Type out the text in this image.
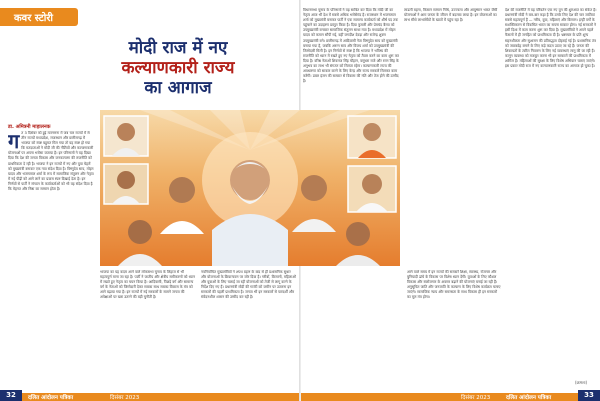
कवर स्टोरी
मोदी राज में नए
कल्याणकारी राज्य
का आगाज
डा. अमित्रनी माहालनक
ग त 3 दिसंबर को हुई मतगणना में जब चार राज्यों में से तीन राज्यों मध्यप्रदेश, राजस्थान और छत्तीसगढ़ में भाजपा को स्पष्ट बहुमत मिल गया तो यह स्पष्ट हो गया कि मतदाताओं ने मोदी जी की नीतियों और कल्याणकारी योजनाओं पर अपना भरोसा जताया है। इन परिणामों ने यह दिखा दिया कि देश की जनता विकास और जनकल्याण की राजनीति को प्राथमिकता दे रही है। भाजपा ने इन राज्यों में नए और युवा चेहरों को मुख्यमंत्री बनाकर एक नया संदेश दिया है। विष्णुदेव साय, मोहन यादव और भजनलाल शर्मा के रूप में सामाजिक संतुलन और नेतृत्व में नई पीढ़ी को आगे लाने का प्रयास स्पष्ट दिखाई देता है। इन निर्णयों से पार्टी ने संगठन के कार्यकर्ताओं को भी यह संदेश दिया है कि मेहनत और निष्ठा का सम्मान होता है।
भाजपा का यह कदम आने वाले लोकसभा चुनाव के लिहाज से भी महत्वपूर्ण माना जा रहा है। पार्टी ने जातीय और क्षेत्रीय समीकरणों को ध्यान में रखते हुए नेतृत्व का चयन किया है। आदिवासी, पिछड़े वर्ग और सामान्य वर्ग के नेताओं को जिम्मेदारी देकर सबका साथ सबका विकास के मंत्र को आगे बढ़ाया गया है। इन राज्यों में नई सरकारों के सामने जनता की अपेक्षाओं पर खरा उतरने की बड़ी चुनौती है।
नवनिर्वाचित मुख्यमंत्रियों ने शपथ ग्रहण के बाद से ही प्रशासनिक सुधार और योजनाओं के क्रियान्वयन पर जोर दिया है। गरीबों, किसानों, महिलाओं और युवाओं के लिए चलाई जा रही योजनाओं को तेजी से लागू करने के निर्देश दिए गए हैं। प्रधानमंत्री मोदी की गारंटी को जमीन पर उतारना इन सरकारों की पहली प्राथमिकता है। जनता भी इन सरकारों से पारदर्शी और संवेदनशील शासन की उम्मीद कर रही है।
विधानसभा चुनाव के परिणामों ने यह साबित कर दिया कि मोदी जी का नेतृत्व आज भी देश में सबसे अधिक भरोसेमंद है। राजस्थान में भजनलाल शर्मा को मुख्यमंत्री बनाकर पार्टी ने एक सामान्य कार्यकर्ता को शीर्ष पद तक पहुंचाने का उदाहरण प्रस्तुत किया है। दिया कुमारी और प्रेमचंद बैरवा को उपमुख्यमंत्री बनाकर सामाजिक संतुलन साधा गया है। मध्यप्रदेश में मोहन यादव को कमान सौंपी गई, वहीं जगदीश देवड़ा और राजेन्द्र शुक्ल उपमुख्यमंत्री बने। छत्तीसगढ़ में आदिवासी नेता विष्णुदेव साय को मुख्यमंत्री बनाया गया है, जबकि अरुण साव और विजय शर्मा को उपमुख्यमंत्री की जिम्मेदारी मिली है। इन निर्णयों से स्पष्ट है कि भाजपा ने भविष्य की राजनीति को ध्यान में रखते हुए नए नेतृत्व को तैयार करने का काम शुरू कर दिया है। वरिष्ठ नेताओं शिवराज सिंह चौहान, वसुंधरा राजे और रमन सिंह के अनुभव का लाभ भी संगठन को मिलता रहेगा। कल्याणकारी राज्य की अवधारणा को साकार करने के लिए केन्द्र और राज्य सरकारें मिलकर काम करेंगी। डबल इंजन की सरकार से विकास की गति और तेज होने की उम्मीद है।
लाडली बहना, किसान सम्मान निधि, उज्ज्वला और आयुष्मान भारत जैसी योजनाओं ने आम जनता के जीवन में बदलाव लाया है। इन योजनाओं का लाभ सीधे लाभार्थियों के खातों में पहुंच रहा है।
आने वाले समय में इन राज्यों की सरकारें शिक्षा, स्वास्थ्य, रोजगार और बुनियादी ढांचे के विकास पर विशेष ध्यान देंगी। युवाओं के लिए कौशल विकास और स्वरोजगार के अवसर बढ़ाने की योजनाएं बनाई जा रही हैं। अनुसूचित जाति और जनजाति के कल्याण के लिए विशेष कार्यक्रम चलाए जाएंगे। सामाजिक न्याय और समरसता के साथ विकास ही इन सरकारों का मूल मंत्र होगा।
देश की राजनीति में यह परिवर्तन एक नए युग की शुरुआत का संकेत है। प्रधानमंत्री मोदी ने बार-बार कहा है कि उनके लिए देश की चार जातियां सबसे महत्वपूर्ण हैं — गरीब, युवा, महिलाएं और किसान। इन्हीं वर्गों के सशक्तिकरण से विकसित भारत का सपना साकार होगा। नई सरकारों ने इसी दिशा में काम करना शुरू कर दिया है। मुख्यमंत्रियों ने अपने पहले फैसलों में ही जनहित को प्राथमिकता दी है। भ्रष्टाचार के प्रति शून्य सहनशीलता और सुशासन की प्रतिबद्धता दोहराई गई है। प्रशासनिक तंत्र को जवाबदेह बनाने के लिए कड़े कदम उठाए जा रहे हैं। जनता की शिकायतों के त्वरित निवारण के लिए नई व्यवस्थाएं लागू की जा रही हैं। कानून व्यवस्था को मजबूत करना भी इन सरकारों की प्राथमिकता में शामिल है। महिलाओं की सुरक्षा के लिए विशेष अभियान चलाए जाएंगे। इस प्रकार मोदी राज में नए कल्याणकारी राज्य का आगाज हो चुका है।
(क्रमशः)
32	दलित आंदोलन पत्रिका	दिसंबर 2023	दिसंबर 2023	दलित आंदोलन पत्रिका	33
